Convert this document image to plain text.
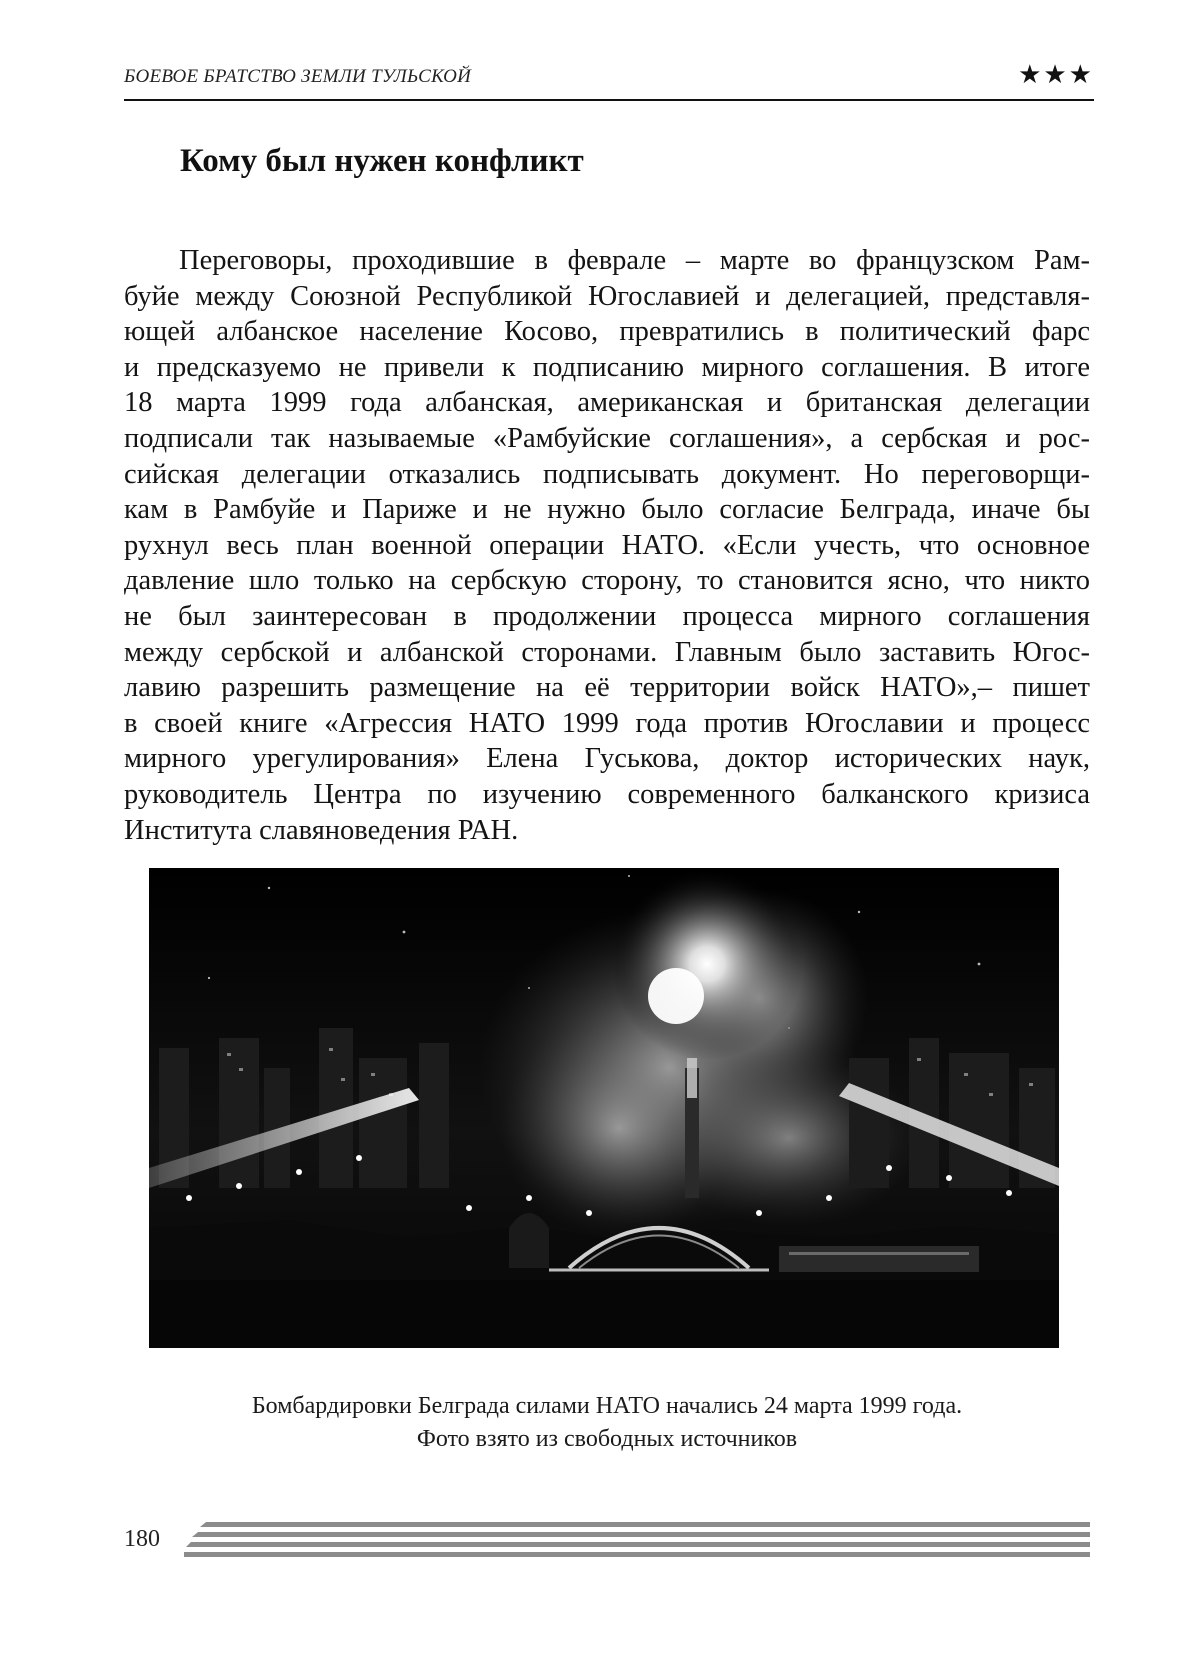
БОЕВОЕ БРАТСТВО ЗЕМЛИ ТУЛЬСКОЙ	★★★
Кому был нужен конфликт
Переговоры, проходившие в феврале – марте во французском Рам-
буйе между Союзной Республикой Югославией и делегацией, представля-
ющей албанское население Косово, превратились в политический фарс
и предсказуемо не привели к подписанию мирного соглашения. В итоге
18 марта 1999 года албанская, американская и британская делегации
подписали так называемые «Рамбуйские соглашения», а сербская и рос-
сийская делегации отказались подписывать документ. Но переговорщи-
кам в Рамбуйе и Париже и не нужно было согласие Белграда, иначе бы
рухнул весь план военной операции НАТО. «Если учесть, что основное
давление шло только на сербскую сторону, то становится ясно, что никто
не был заинтересован в продолжении процесса мирного соглашения
между сербской и албанской сторонами. Главным было заставить Югос-
лавию разрешить размещение на её территории войск НАТО»,– пишет
в своей книге «Агрессия НАТО 1999 года против Югославии и процесс
мирного урегулирования» Елена Гуськова, доктор исторических наук,
руководитель Центра по изучению современного балканского кризиса
Института славяноведения РАН.
Бомбардировки Белграда силами НАТО начались 24 марта 1999 года.
Фото взято из свободных источников
180
